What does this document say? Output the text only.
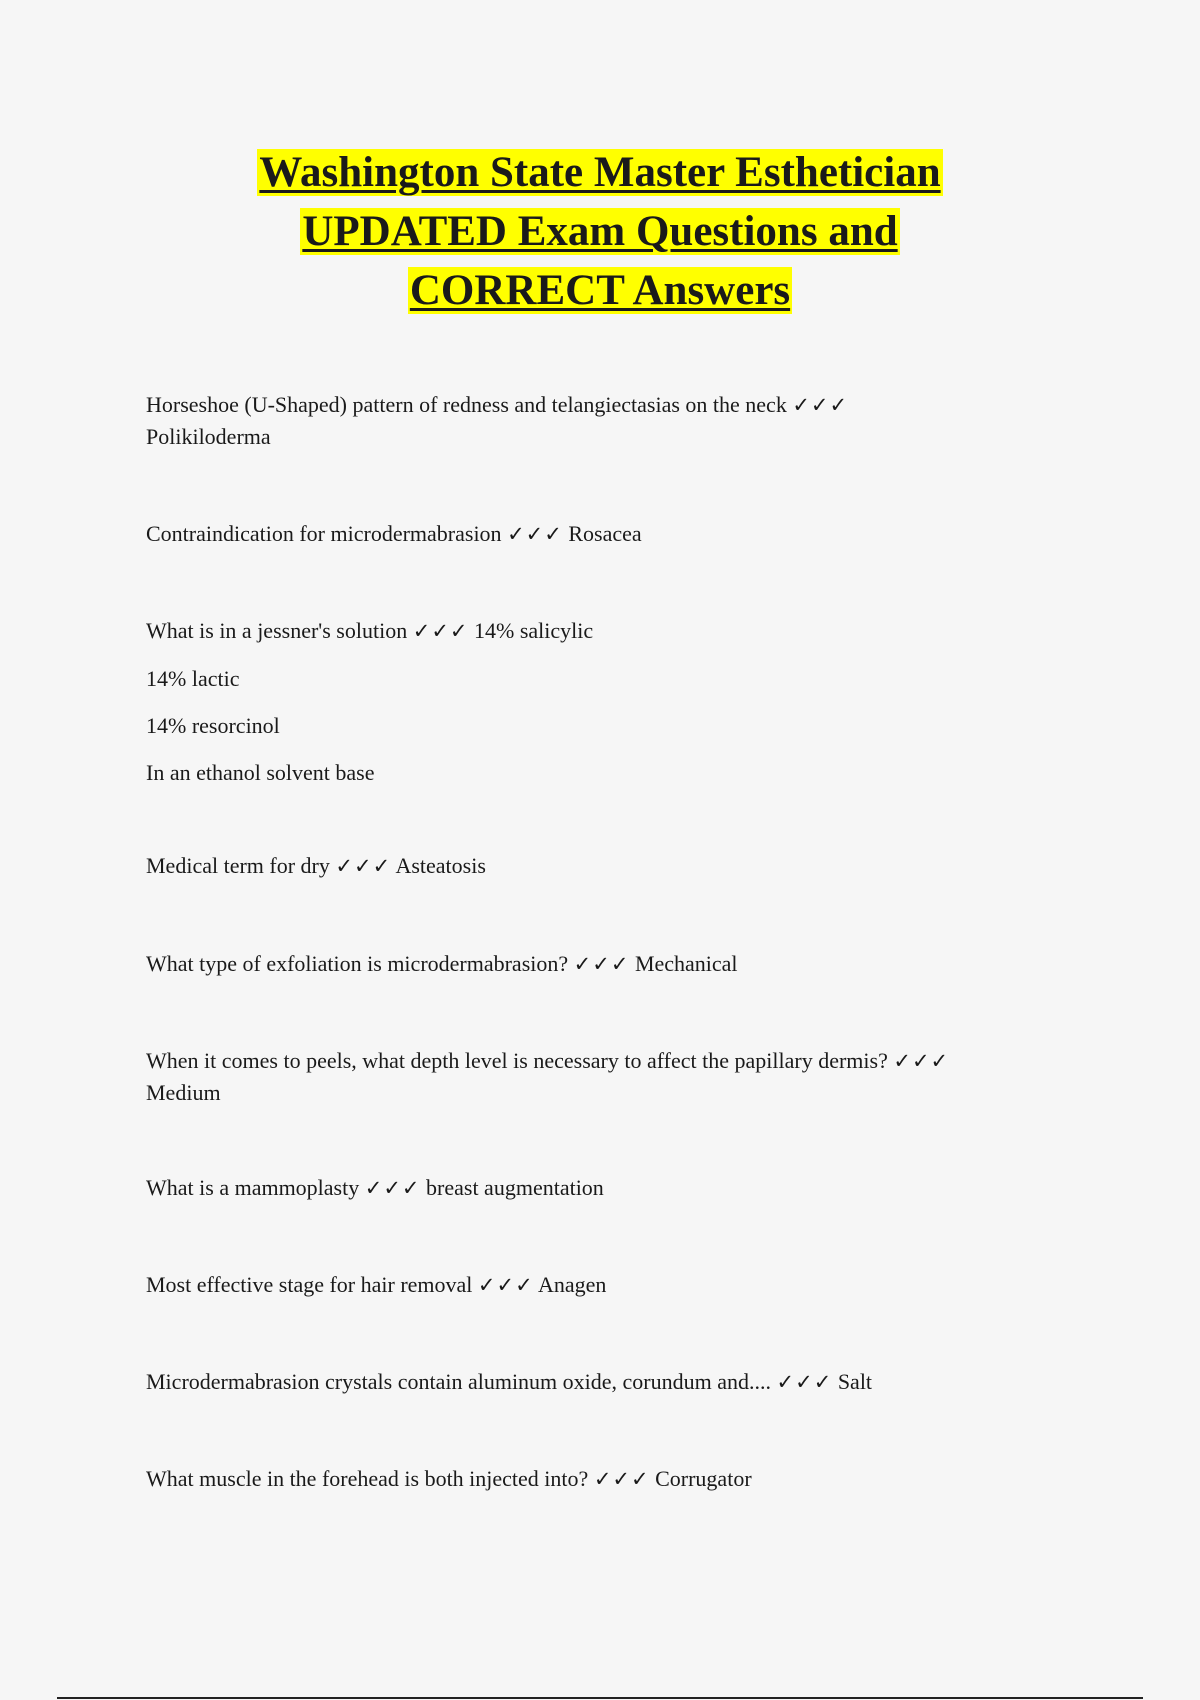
Washington State Master Esthetician
UPDATED Exam Questions and
CORRECT Answers

Horseshoe (U-Shaped) pattern of redness and telangiectasias on the neck ✓✓✓
Polikiloderma

Contraindication for microdermabrasion ✓✓✓ Rosacea

What is in a jessner's solution ✓✓✓ 14% salicylic
14% lactic
14% resorcinol
In an ethanol solvent base

Medical term for dry ✓✓✓ Asteatosis

What type of exfoliation is microdermabrasion? ✓✓✓ Mechanical

When it comes to peels, what depth level is necessary to affect the papillary dermis? ✓✓✓
Medium

What is a mammoplasty ✓✓✓ breast augmentation

Most effective stage for hair removal ✓✓✓ Anagen

Microdermabrasion crystals contain aluminum oxide, corundum and.... ✓✓✓ Salt

What muscle in the forehead is both injected into? ✓✓✓ Corrugator
